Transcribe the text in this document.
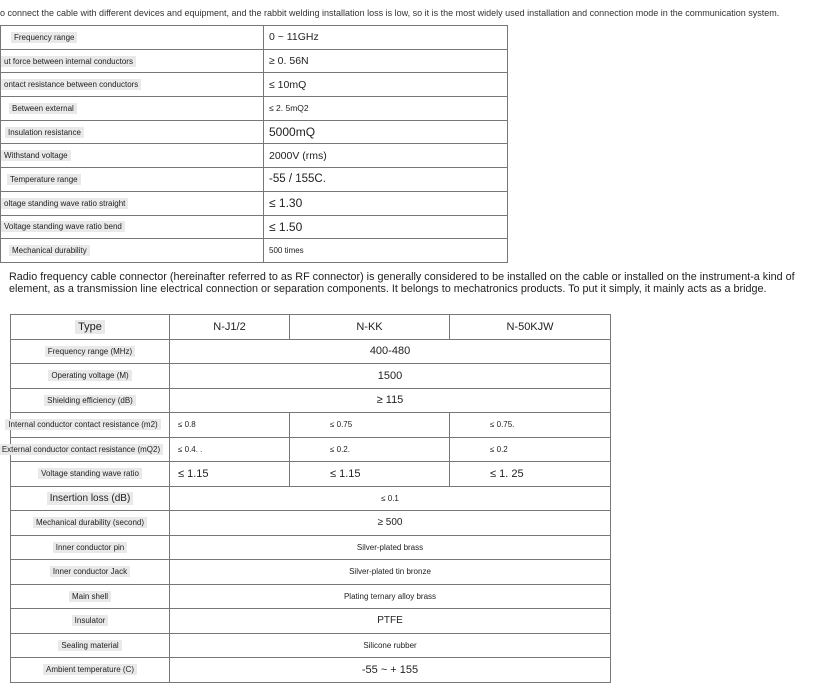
o connect the cable with different devices and equipment, and the rabbit welding installation loss is low, so it is the most widely used installation and connection mode in the communication system.
Frequency range	0 ~ 11GHz
ut force between internal conductors	≥ 0. 56N
ontact resistance between conductors	≤ 10mQ
Between external	≤ 2. 5mQ2
Insulation resistance	5000mQ
Withstand voltage	2000V (rms)
Temperature range	-55 / 155C.
oltage standing wave ratio straight	≤ 1.30
Voltage standing wave ratio bend	≤ 1.50
Mechanical durability	500 times
Radio frequency cable connector (hereinafter referred to as RF connector) is generally considered to be installed on the cable or installed on the instrument-a kind of element, as a transmission line electrical connection or separation components. It belongs to mechatronics products. To put it simply, it mainly acts as a bridge.
Type	N-J1/2	N-KK	N-50KJW
Frequency range (MHz)	400-480		
Operating voltage (M)	1500		
Shielding efficiency (dB)	≥ 115		
Internal conductor contact resistance (m2)	≤ 0.8	≤ 0.75	≤ 0.75.
External conductor contact resistance (mQ2)	≤ 0.4. .	≤ 0.2.	≤ 0.2
Voltage standing wave ratio	≤ 1.15	≤ 1.15	≤ 1. 25
Insertion loss (dB)	≤ 0.1		
Mechanical durability (second)	≥ 500		
Inner conductor pin	Silver-plated brass		
Inner conductor Jack	Silver-plated tin bronze		
Main shell	Plating ternary alloy brass		
Insulator	PTFE		
Sealing material	Silicone rubber		
Ambient temperature (C)	-55 ~ + 155		
